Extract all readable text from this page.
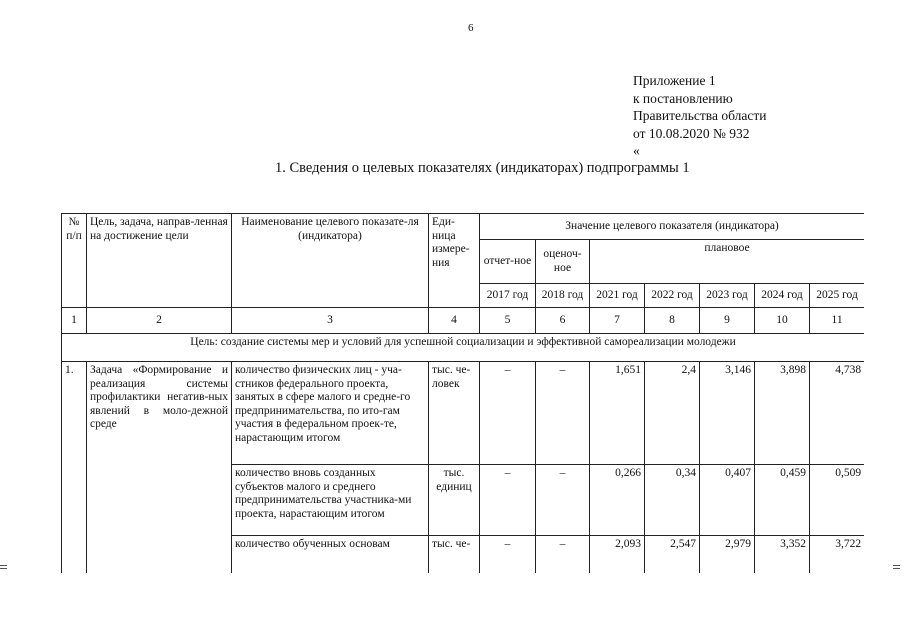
6
Приложение 1
к постановлению
Правительства области
от 10.08.2020 № 932
«
1. Сведения о целевых показателях (индикаторах) подпрограммы 1
№ п/п	Цель, задача, направ-ленная на достижение цели	Наименование целевого показате-ля (индикатора)	Еди-ница измере-ния	Значение целевого показателя (индикатора)						
				отчет-ное	оценоч-ное	плановое				
				2017 год	2018 год	2021 год	2022 год	2023 год	2024 год	2025 год
1	2	3	4	5	6	7	8	9	10	11
Цель: создание системы мер и условий для успешной социализации и эффективной самореализации молодежи										
1.	Задача «Формирование и реализация системы профилактики негатив-ных явлений в моло-дежной среде	количество физических лиц - уча-стников федерального проекта, занятых в сфере малого и средне-го предпринимательства, по ито-гам участия в федеральном проек-те, нарастающим итогом	тыс. че-ловек	–	–	1,651	2,4	3,146	3,898	4,738
		количество вновь созданных субъектов малого и среднего предпринимательства участника-ми проекта, нарастающим итогом	тыс. единиц	–	–	0,266	0,34	0,407	0,459	0,509
		количество обученных основам	тыс. че-	–	–	2,093	2,547	2,979	3,352	3,722
